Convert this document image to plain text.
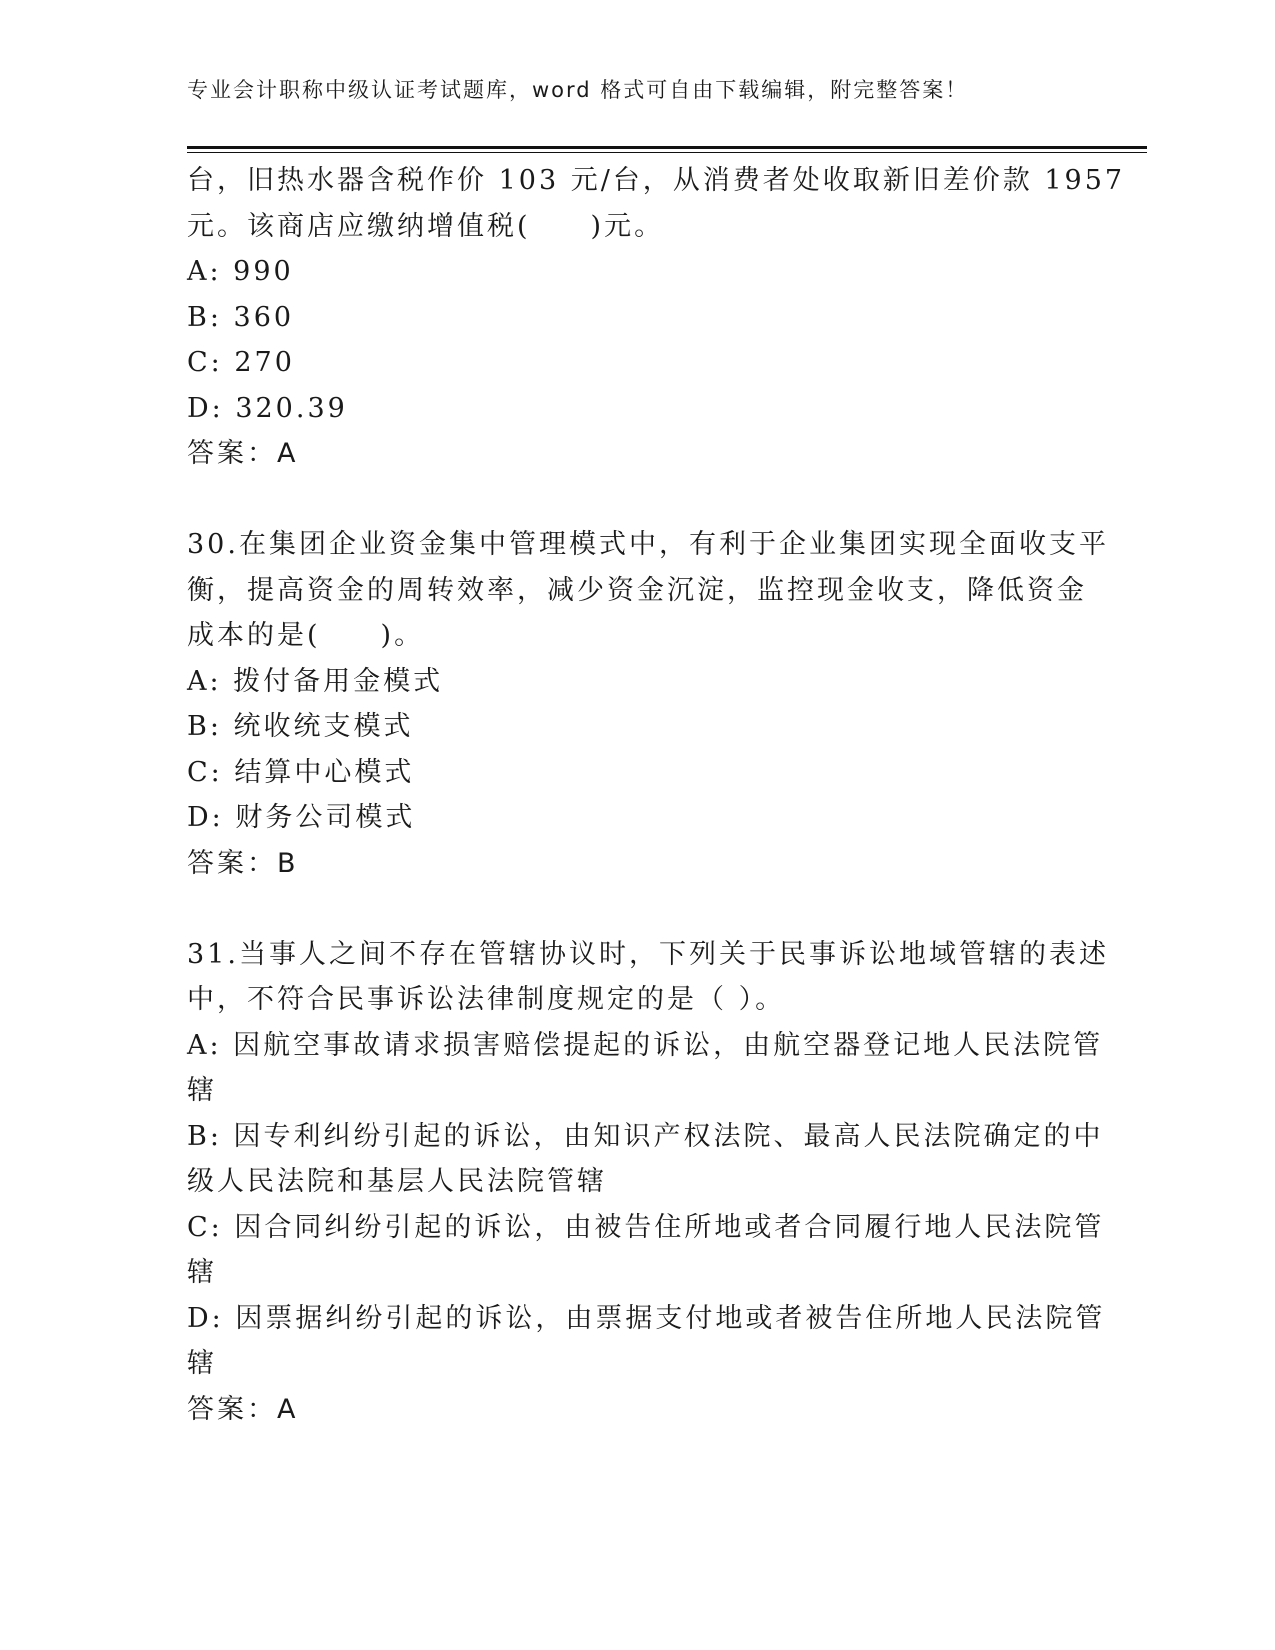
专业会计职称中级认证考试题库，word 格式可自由下载编辑，附完整答案！
台，旧热水器含税作价 103 元/台，从消费者处收取新旧差价款 1957
元。该商店应缴纳增值税(　　)元。
A: 990
B: 360
C: 270
D: 320.39
答案：A
30.在集团企业资金集中管理模式中，有利于企业集团实现全面收支平
衡，提高资金的周转效率，减少资金沉淀，监控现金收支，降低资金
成本的是(　　)。
A: 拨付备用金模式
B: 统收统支模式
C: 结算中心模式
D: 财务公司模式
答案：B
31.当事人之间不存在管辖协议时，下列关于民事诉讼地域管辖的表述
中，不符合民事诉讼法律制度规定的是（ ）。
A: 因航空事故请求损害赔偿提起的诉讼，由航空器登记地人民法院管
辖
B: 因专利纠纷引起的诉讼，由知识产权法院、最高人民法院确定的中
级人民法院和基层人民法院管辖
C: 因合同纠纷引起的诉讼，由被告住所地或者合同履行地人民法院管
辖
D: 因票据纠纷引起的诉讼，由票据支付地或者被告住所地人民法院管
辖
答案：A
